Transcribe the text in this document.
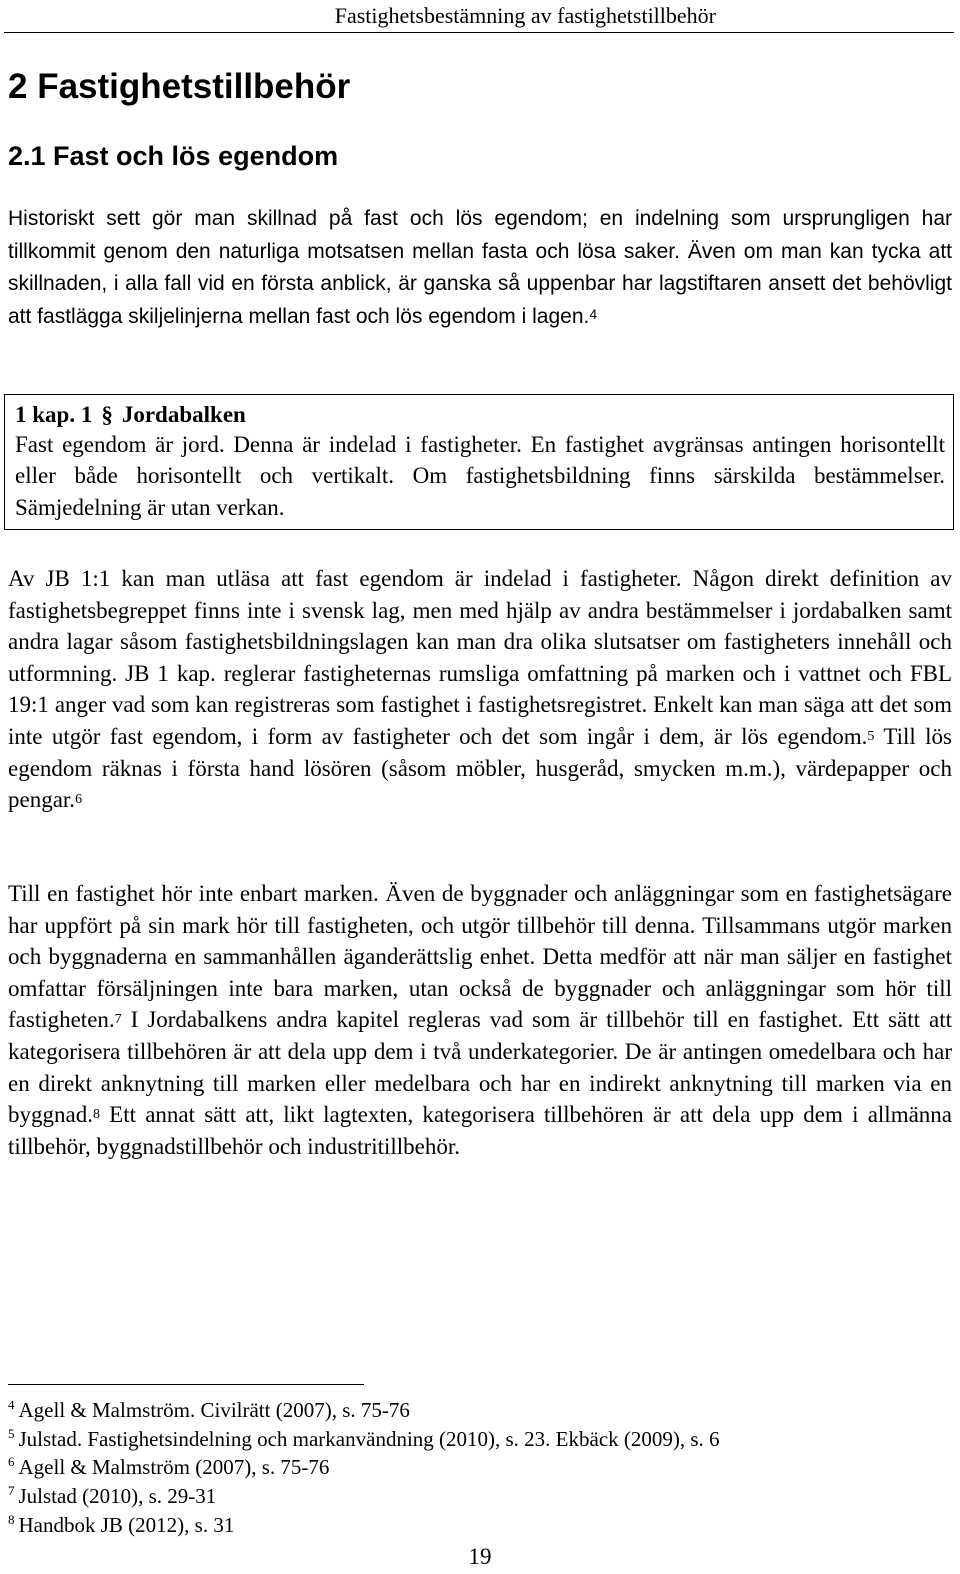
Fastighetsbestämning av fastighetstillbehör
2 Fastighetstillbehör
2.1 Fast och lös egendom

Historiskt sett gör man skillnad på fast och lös egendom; en indelning som ursprungligen har tillkommit genom den naturliga motsatsen mellan fasta och lösa saker. Även om man kan tycka att skillnaden, i alla fall vid en första anblick, är ganska så uppenbar har lagstiftaren ansett det behövligt att fastlägga skiljelinjerna mellan fast och lös egendom i lagen.$^4$

1 kap. 1 § Jordabalken

Fast egendom är jord. Denna är indelad i fastigheter. En fastighet avgränsas antingen horisontellt eller både horisontellt och vertikalt. Om fastighetsbildning finns särskilda bestämmelser. Sämjedelning är utan verkan.

Av JB 1:1 kan man utläsa att fast egendom är indelad i fastigheter. Någon direkt definition av fastighetsbegreppet finns inte i svensk lag, men med hjälp av andra bestämmelser i jordabalken samt andra lagar såsom fastighetsbildningslagen kan man dra olika slutsatser om fastigheters innehåll och utformning. JB 1 kap. reglerar fastigheternas rumsliga omfattning på marken och i vattnet och FBL 19:1 anger vad som kan registreras som fastighet i fastighetsregistret. Enkelt kan man säga att det som inte utgör fast egendom, i form av fastigheter och det som ingår i dem, är lös egendom.$^5$ Till lös egendom räknas i första hand lösören (såsom möbler, husgeråd, smycken m.m.), värdepapper och pengar.$^6$

Till en fastighet hör inte enbart marken. Även de byggnader och anläggningar som en fastighetsägare har uppfört på sin mark hör till fastigheten, och utgör tillbehör till denna. Tillsammans utgör marken och byggnaderna en sammanhållen äganderättslig enhet. Detta medför att när man säljer en fastighet omfattar försäljningen inte bara marken, utan också de byggnader och anläggningar som hör till fastigheten.$^7$ I Jordabalkens andra kapitel regleras vad som är tillbehör till en fastighet. Ett sätt att kategorisera tillbehören är att dela upp dem i två underkategorier. De är antingen omedelbara och har en direkt anknytning till marken eller medelbara och har en indirekt anknytning till marken via en byggnad.$^8$ Ett annat sätt att, likt lagtexten, kategorisera tillbehören är att dela upp dem i allmänna tillbehör, byggnadstillbehör och industritillbehör.

$^4$ Agell & Malmström. Civilrätt (2007), s. 75-76
$^5$ Julstad. Fastighetsindelning och markanvändning (2010), s. 23. Ekbäck (2009), s. 6
$^6$ Agell & Malmström (2007), s. 75-76
$^7$ Julstad (2010), s. 29-31
$^8$ Handbok JB (2012), s. 31
19
